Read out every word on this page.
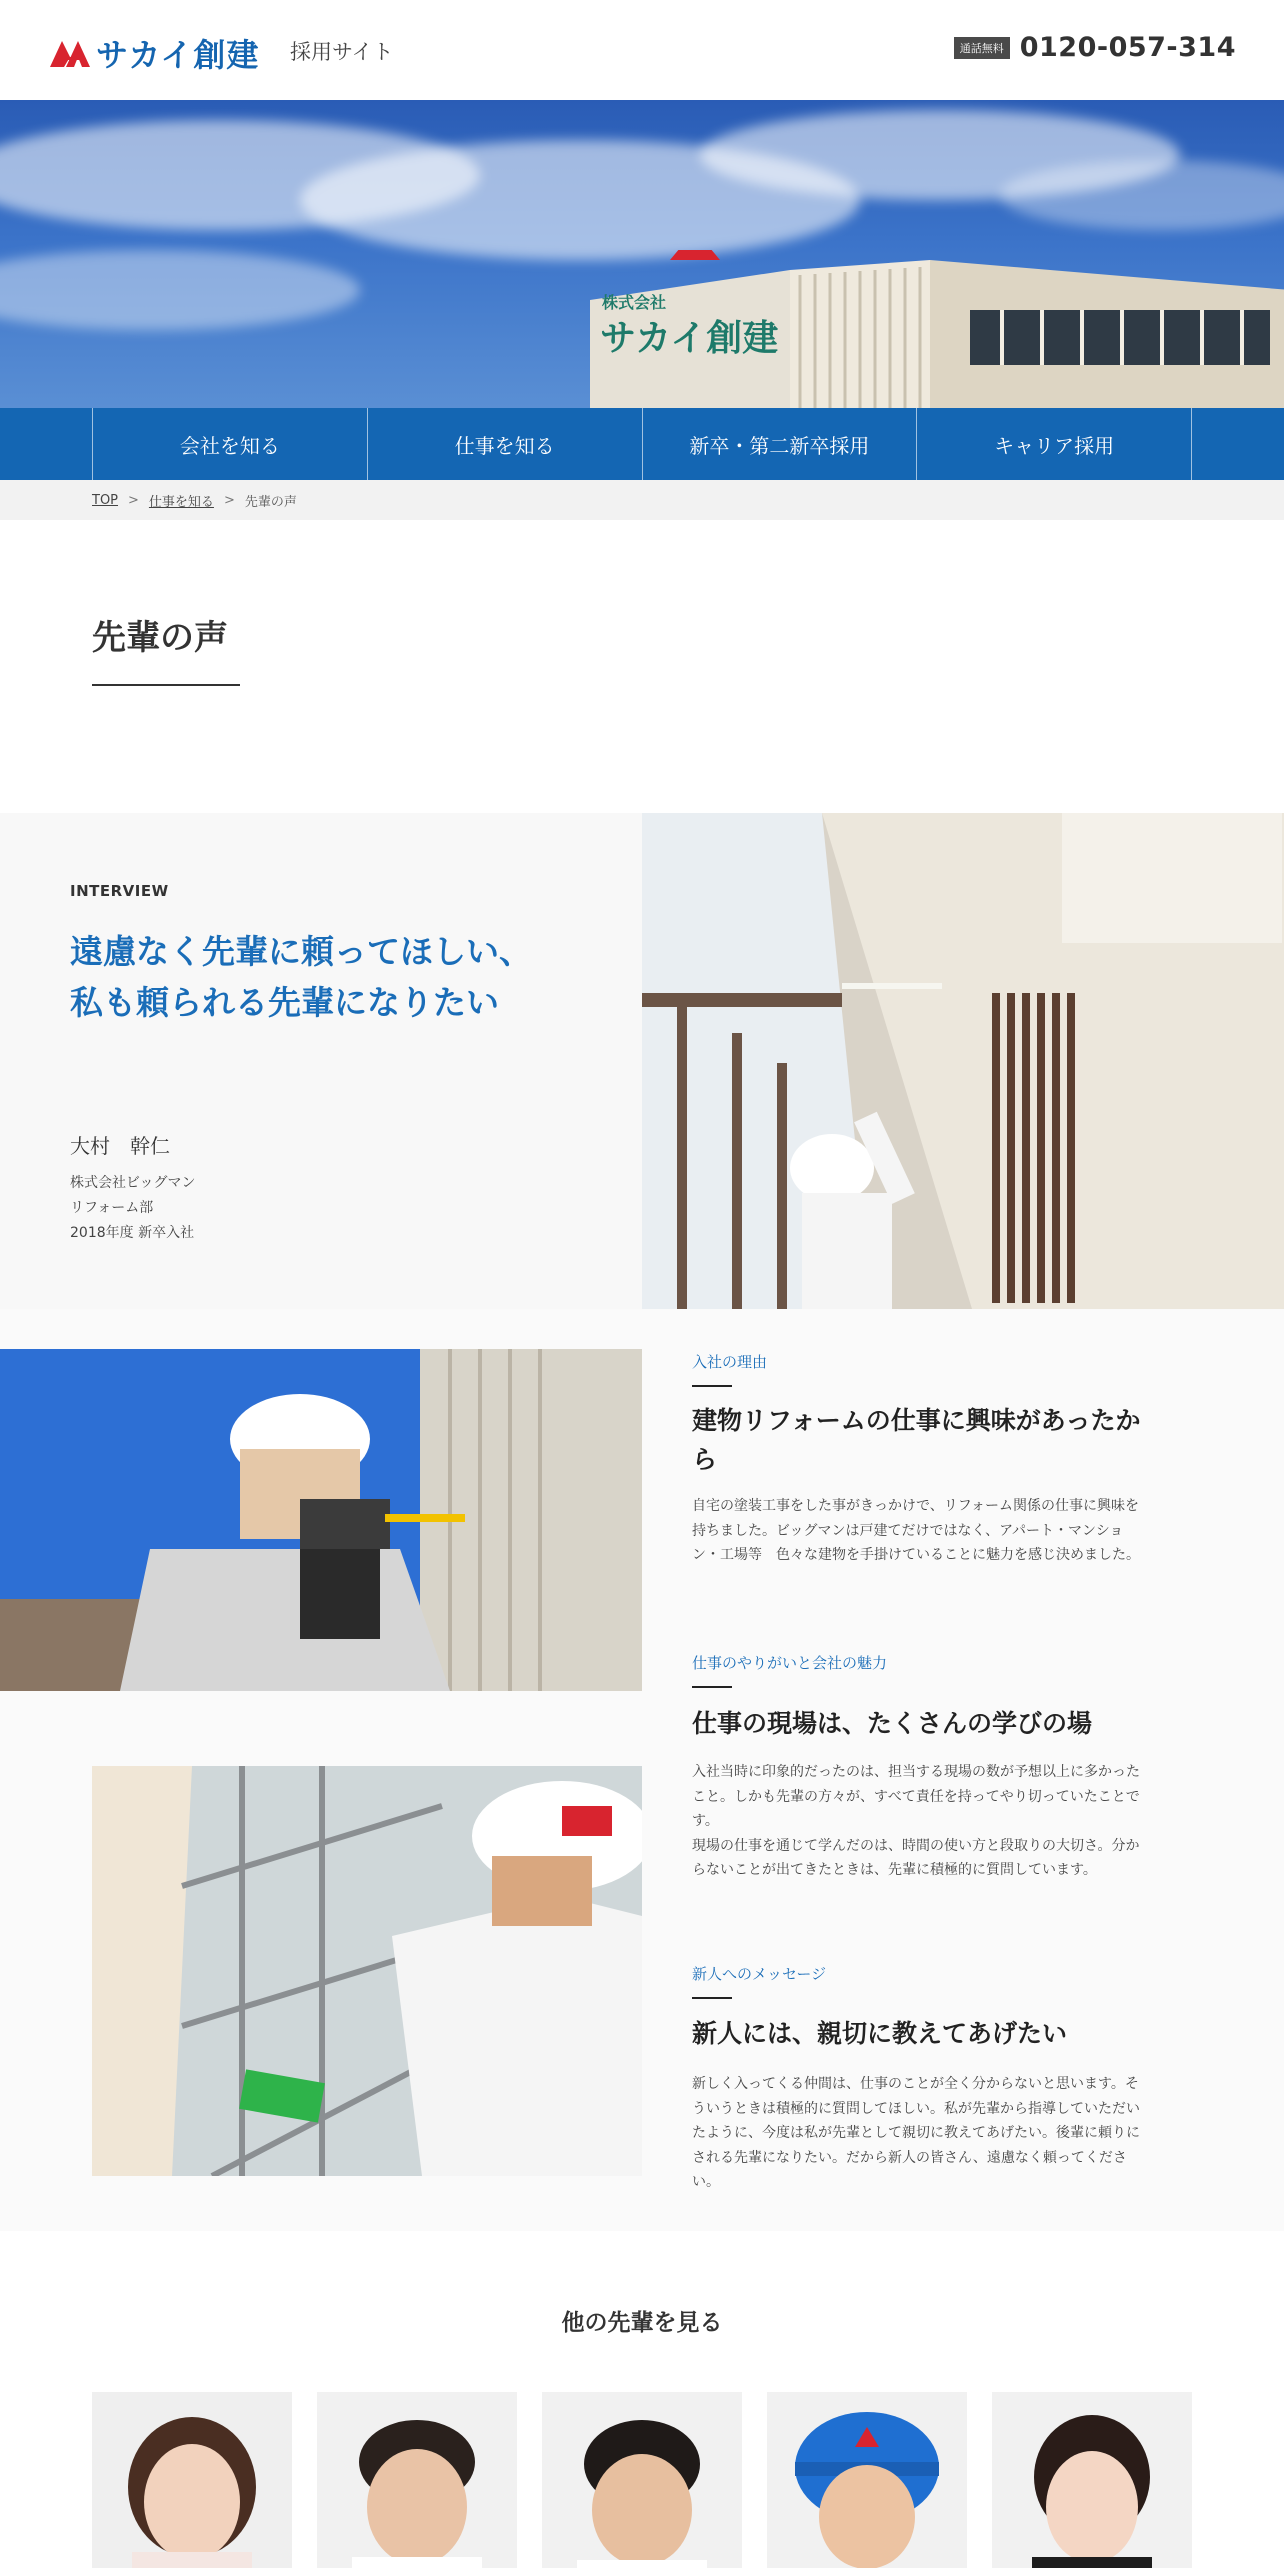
サカイ創建 採用サイト	通話無料 0120-057-314
サカイ創建
株式会社
会社を知る	仕事を知る	新卒・第二新卒採用	キャリア採用
TOP > 仕事を知る > 先輩の声
先輩の声
INTERVIEW
遠慮なく先輩に頼ってほしい、
私も頼られる先輩になりたい
大村　幹仁
株式会社ビッグマン
リフォーム部
2018年度 新卒入社
入社の理由
建物リフォームの仕事に興味があったから
自宅の塗装工事をした事がきっかけで、リフォーム関係の仕事に興味を持ちました。ビッグマンは戸建てだけではなく、アパート・マンション・工場等　色々な建物を手掛けていることに魅力を感じ決めました。
仕事のやりがいと会社の魅力
仕事の現場は、たくさんの学びの場
入社当時に印象的だったのは、担当する現場の数が予想以上に多かったこと。しかも先輩の方々が、すべて責任を持ってやり切っていたことです。
現場の仕事を通じて学んだのは、時間の使い方と段取りの大切さ。分からないことが出てきたときは、先輩に積極的に質問しています。
新人へのメッセージ
新人には、親切に教えてあげたい
新しく入ってくる仲間は、仕事のことが全く分からないと思います。そういうときは積極的に質問してほしい。私が先輩から指導していただいたように、今度は私が先輩として親切に教えてあげたい。後輩に頼りにされる先輩になりたい。だから新人の皆さん、遠慮なく頼ってください。
他の先輩を見る
